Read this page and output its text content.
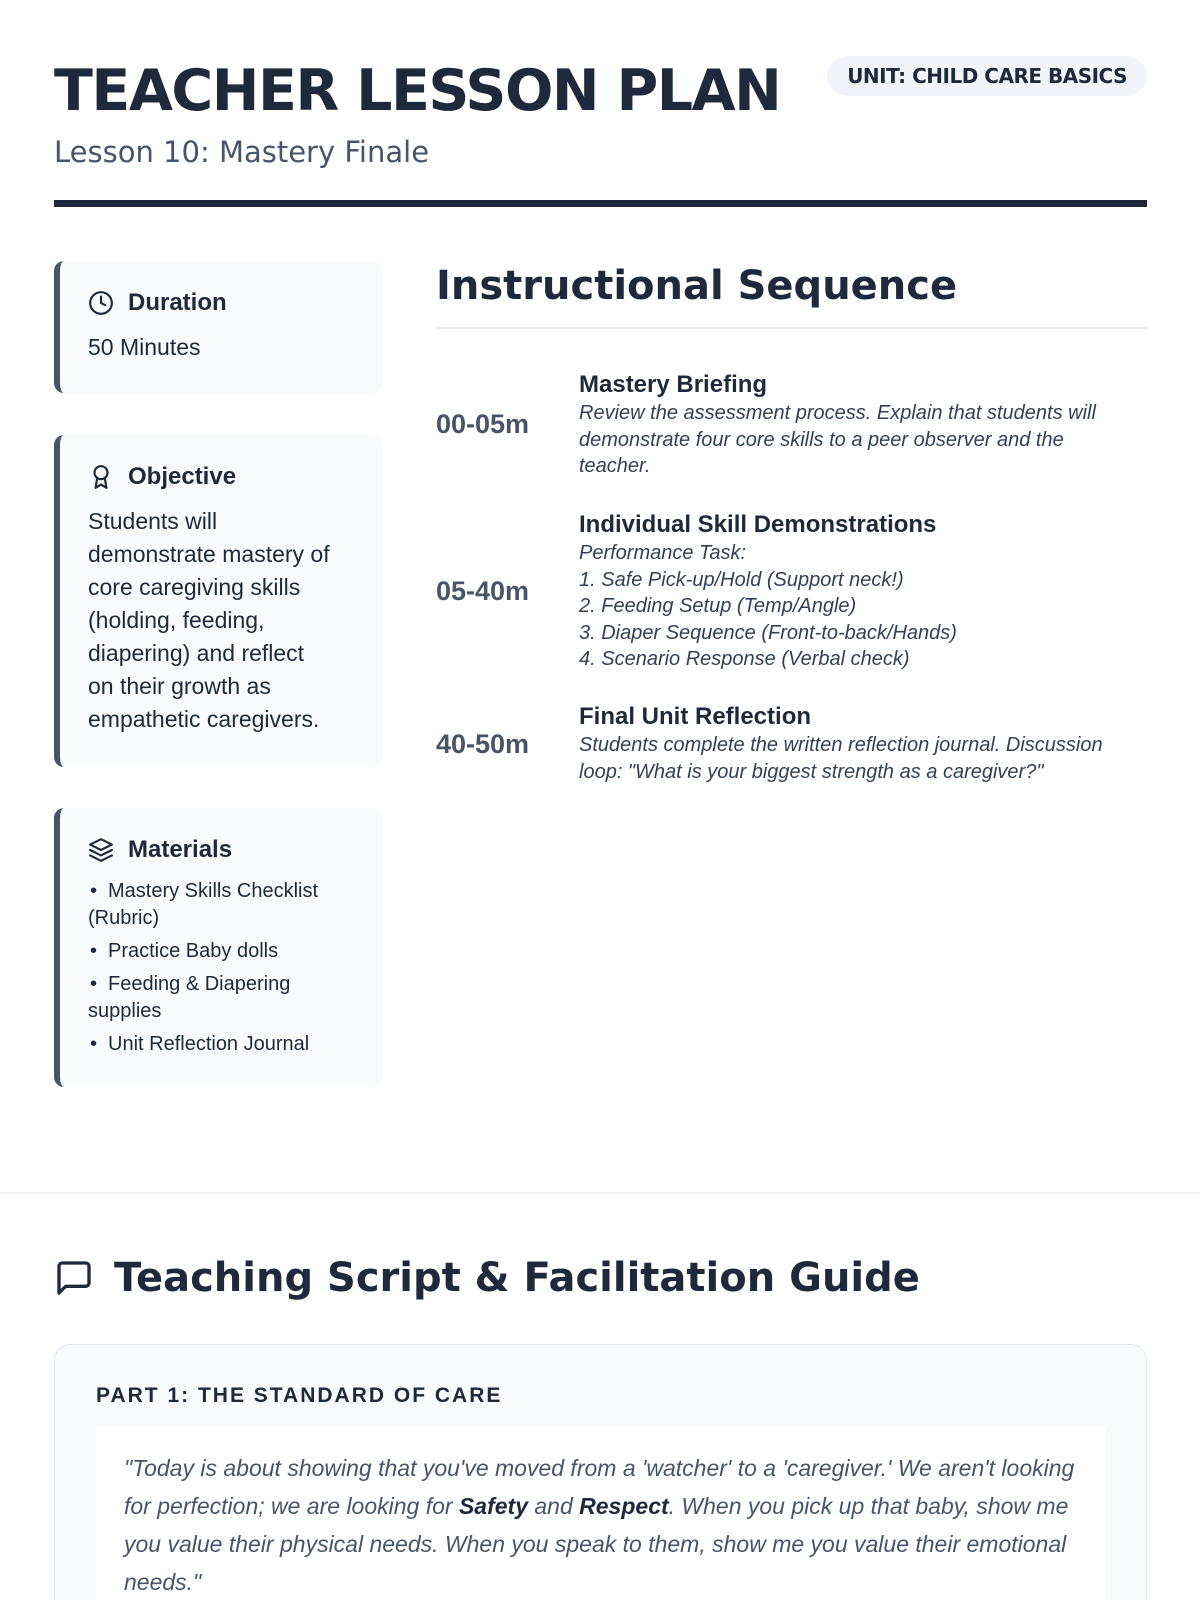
TEACHER LESSON PLAN	UNIT: CHILD CARE BASICS
Lesson 10: Mastery Finale
Duration
50 Minutes
Objective
Students will
demonstrate mastery of
core caregiving skills
(holding, feeding,
diapering) and reflect
on their growth as
empathetic caregivers.
Materials
• Mastery Skills Checklist
(Rubric)
• Practice Baby dolls
• Feeding & Diapering
supplies
• Unit Reflection Journal
Instructional Sequence
00-05m
Mastery Briefing
Review the assessment process. Explain that students will
demonstrate four core skills to a peer observer and the
teacher.
05-40m
Individual Skill Demonstrations
Performance Task:
1. Safe Pick-up/Hold (Support neck!)
2. Feeding Setup (Temp/Angle)
3. Diaper Sequence (Front-to-back/Hands)
4. Scenario Response (Verbal check)
40-50m
Final Unit Reflection
Students complete the written reflection journal. Discussion
loop: "What is your biggest strength as a caregiver?"
Teaching Script & Facilitation Guide
PART 1: THE STANDARD OF CARE

"Today is about showing that you've moved from a 'watcher' to a 'caregiver.' We aren't looking for perfection; we are looking for Safety and Respect. When you pick up that baby, show me you value their physical needs. When you speak to them, show me you value their emotional needs."
